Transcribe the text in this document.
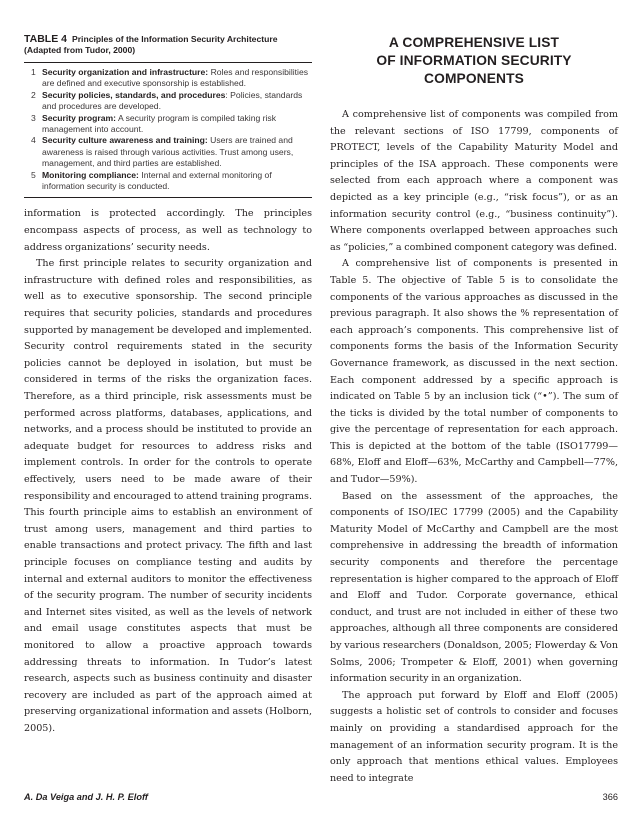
TABLE 4 Principles of the Information Security Architecture (Adapted from Tudor, 2000)

1 Security organization and infrastructure: Roles and responsibilities are defined and executive sponsorship is established.

2 Security policies, standards, and procedures: Policies, standards and procedures are developed.

3 Security program: A security program is compiled taking risk management into account.

4 Security culture awareness and training: Users are trained and awareness is raised through various activities. Trust among users, management, and third parties are established.

5 Monitoring compliance: Internal and external monitoring of information security is conducted.

information is protected accordingly. The principles encompass aspects of process, as well as technology to address organizations’ security needs.

The first principle relates to security organization and infrastructure with defined roles and responsibilities, as well as to executive sponsorship. The second principle requires that security policies, standards and procedures supported by management be developed and implemented. Security control requirements stated in the security policies cannot be deployed in isolation, but must be considered in terms of the risks the organization faces. Therefore, as a third principle, risk assessments must be performed across platforms, databases, applications, and networks, and a process should be instituted to provide an adequate budget for resources to address risks and implement controls. In order for the controls to operate effectively, users need to be made aware of their responsibility and encouraged to attend training programs. This fourth principle aims to establish an environment of trust among users, management and third parties to enable transactions and protect privacy. The fifth and last principle focuses on compliance testing and audits by internal and external auditors to monitor the effectiveness of the security program. The number of security incidents and Internet sites visited, as well as the levels of network and email usage constitutes aspects that must be monitored to allow a proactive approach towards addressing threats to information. In Tudor’s latest research, aspects such as business continuity and disaster recovery are included as part of the approach aimed at preserving organizational information and assets (Holborn, 2005).

A COMPREHENSIVE LIST
OF INFORMATION SECURITY
COMPONENTS

A comprehensive list of components was compiled from the relevant sections of ISO 17799, components of PROTECT, levels of the Capability Maturity Model and principles of the ISA approach. These components were selected from each approach where a component was depicted as a key principle (e.g., “risk focus”), or as an information security control (e.g., “business continuity”). Where components overlapped between approaches such as “policies,” a combined component category was defined.

A comprehensive list of components is presented in Table 5. The objective of Table 5 is to consolidate the components of the various approaches as discussed in the previous paragraph. It also shows the % representation of each approach’s components. This comprehensive list of components forms the basis of the Information Security Governance framework, as discussed in the next section. Each component addressed by a specific approach is indicated on Table 5 by an inclusion tick (“•”). The sum of the ticks is divided by the total number of components to give the percentage of representation for each approach. This is depicted at the bottom of the table (ISO17799—68%, Eloff and Eloff—63%, McCarthy and Campbell—77%, and Tudor—59%).

Based on the assessment of the approaches, the components of ISO/IEC 17799 (2005) and the Capability Maturity Model of McCarthy and Campbell are the most comprehensive in addressing the breadth of information security components and therefore the percentage representation is higher compared to the approach of Eloff and Eloff and Tudor. Corporate governance, ethical conduct, and trust are not included in either of these two approaches, although all three components are considered by various researchers (Donaldson, 2005; Flowerday & Von Solms, 2006; Trompeter & Eloff, 2001) when governing information security in an organization.

The approach put forward by Eloff and Eloff (2005) suggests a holistic set of controls to consider and focuses mainly on providing a standardised approach for the management of an information security program. It is the only approach that mentions ethical values. Employees need to integrate

A. Da Veiga and J. H. P. Eloff	366
